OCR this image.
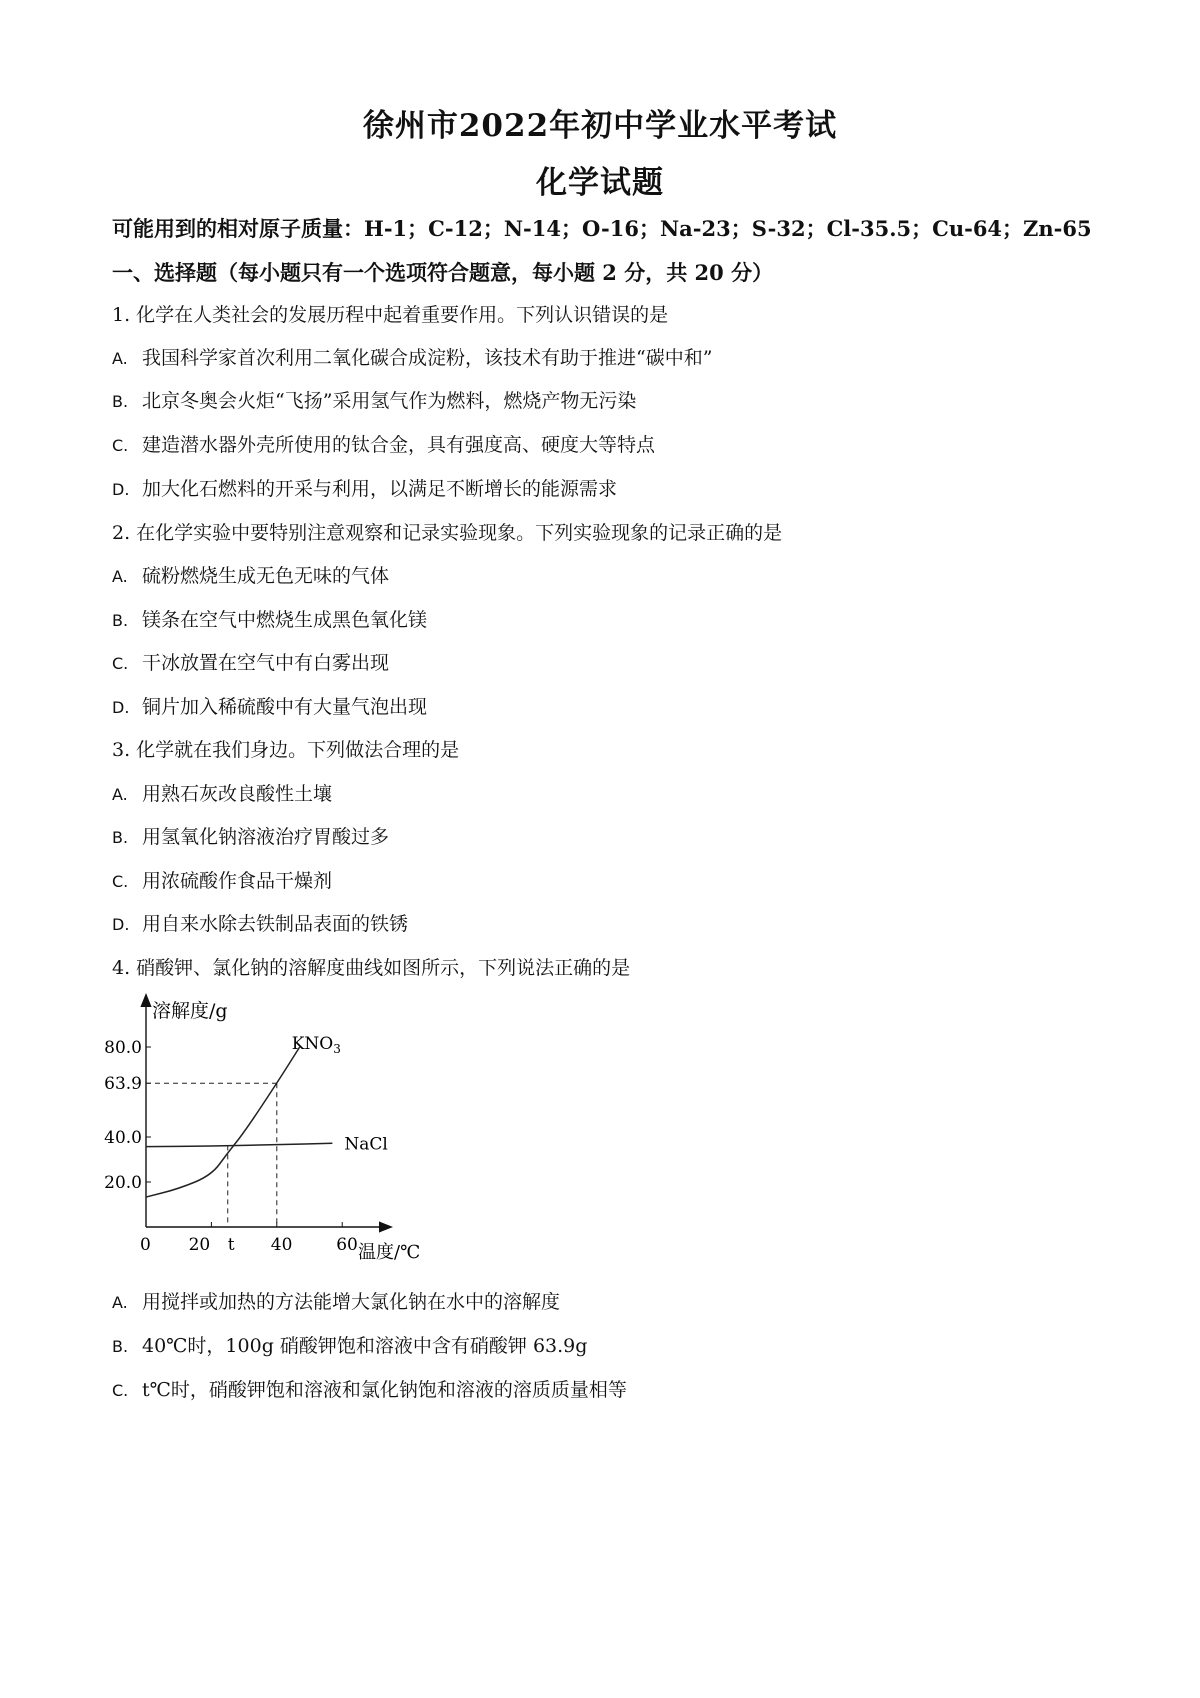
徐州市2022年初中学业水平考试
化学试题
可能用到的相对原子质量：H-1；C-12；N-14；O-16；Na-23；S-32；Cl-35.5；Cu-64；Zn-65
一、选择题（每小题只有一个选项符合题意，每小题 2 分，共 20 分）
1. 化学在人类社会的发展历程中起着重要作用。下列认识错误的是
A. 我国科学家首次利用二氧化碳合成淀粉，该技术有助于推进“碳中和”
B. 北京冬奥会火炬“飞扬”采用氢气作为燃料，燃烧产物无污染
C. 建造潜水器外壳所使用的钛合金，具有强度高、硬度大等特点
D. 加大化石燃料的开采与利用，以满足不断增长的能源需求
2. 在化学实验中要特别注意观察和记录实验现象。下列实验现象的记录正确的是
A. 硫粉燃烧生成无色无味的气体
B. 镁条在空气中燃烧生成黑色氧化镁
C. 干冰放置在空气中有白雾出现
D. 铜片加入稀硫酸中有大量气泡出现
3. 化学就在我们身边。下列做法合理的是
A. 用熟石灰改良酸性土壤
B. 用氢氧化钠溶液治疗胃酸过多
C. 用浓硫酸作食品干燥剂
D. 用自来水除去铁制品表面的铁锈
4. 硝酸钾、氯化钠的溶解度曲线如图所示，下列说法正确的是
溶解度/g
温度/℃
0 20 t 40	60
20.0
40.0
63.9
80.0	$KNO_3$
NaCl
A. 用搅拌或加热的方法能增大氯化钠在水中的溶解度
B. 40℃时，100g 硝酸钾饱和溶液中含有硝酸钾 63.9g
C. t℃时，硝酸钾饱和溶液和氯化钠饱和溶液的溶质质量相等
